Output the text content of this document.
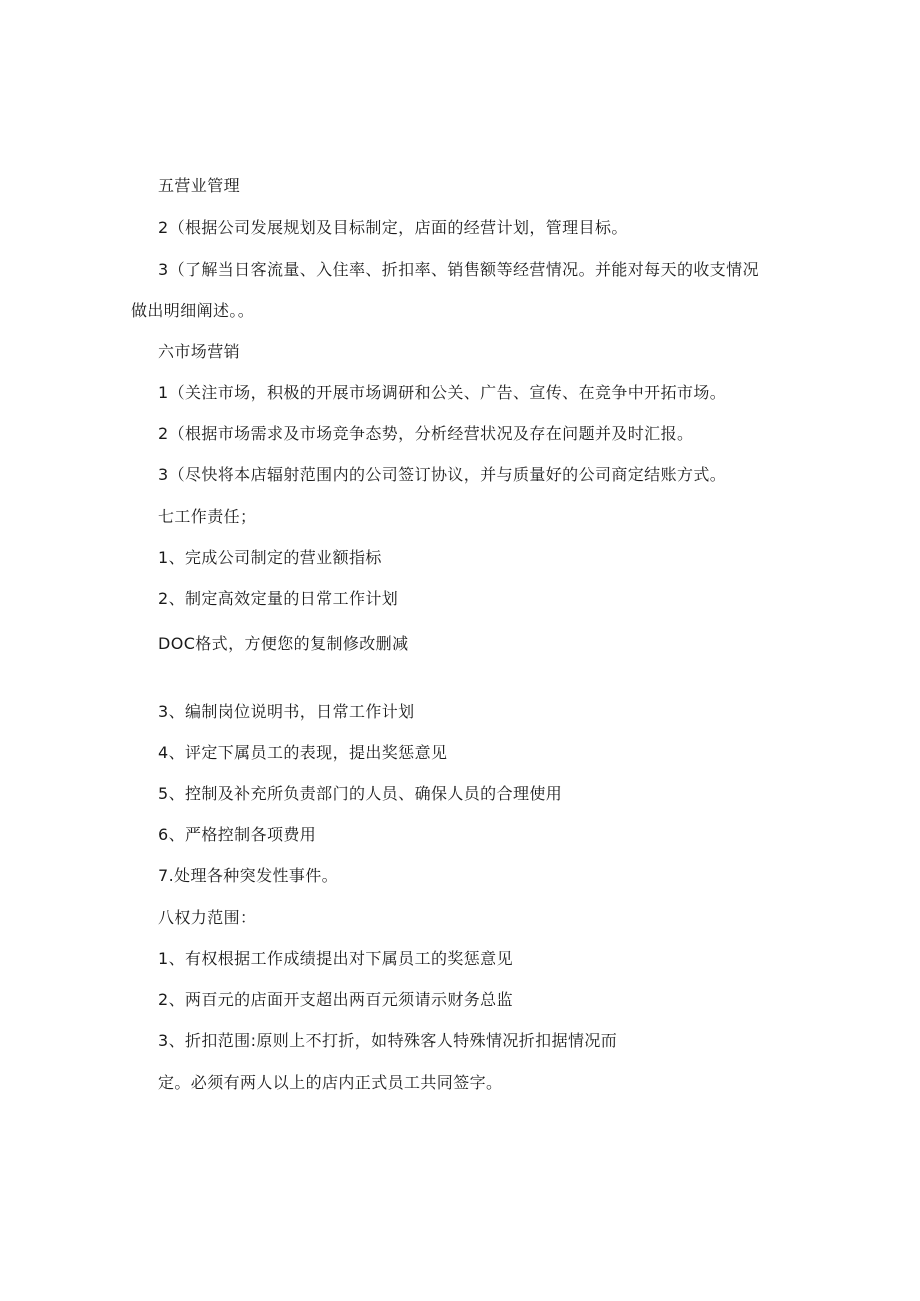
五营业管理
2（根据公司发展规划及目标制定，店面的经营计划，管理目标。
3（了解当日客流量、入住率、折扣率、销售额等经营情况。并能对每天的收支情况
做出明细阐述。。
六市场营销
1（关注市场，积极的开展市场调研和公关、广告、宣传、在竞争中开拓市场。
2（根据市场需求及市场竞争态势，分析经营状况及存在问题并及时汇报。
3（尽快将本店辐射范围内的公司签订协议，并与质量好的公司商定结账方式。
七工作责任；
1、完成公司制定的营业额指标
2、制定高效定量的日常工作计划
DOC格式，方便您的复制修改删减
3、编制岗位说明书，日常工作计划
4、评定下属员工的表现，提出奖惩意见
5、控制及补充所负责部门的人员、确保人员的合理使用
6、严格控制各项费用
7.处理各种突发性事件。
八权力范围：
1、有权根据工作成绩提出对下属员工的奖惩意见
2、两百元的店面开支超出两百元须请示财务总监
3、折扣范围:原则上不打折，如特殊客人特殊情况折扣据情况而
定。必须有两人以上的店内正式员工共同签字。
